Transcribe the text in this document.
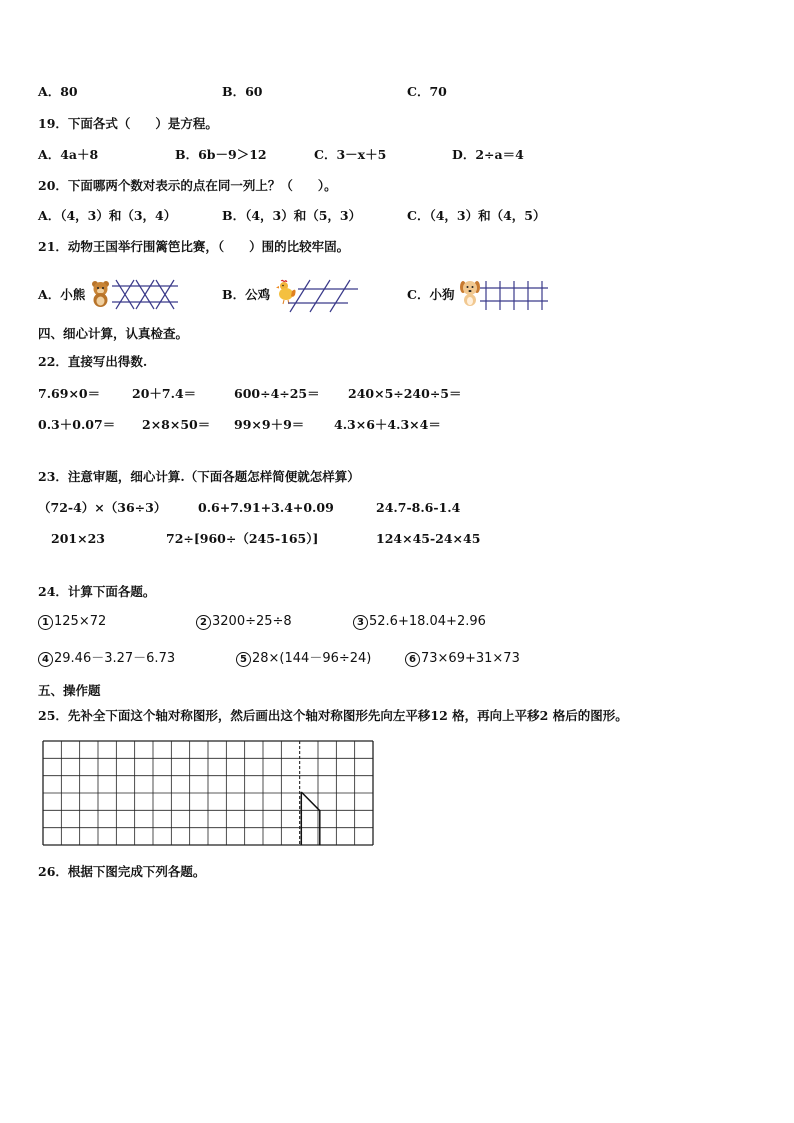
A．80	B．60	C．70
19．下面各式（　　）是方程。
A．4a＋8	B．6b－9＞12	C．3－x＋5	D．2÷a＝4
20．下面哪两个数对表示的点在同一列上？（　　）。
A．（4，3）和（3，4）	B．（4，3）和（5，3）	C．（4，3）和（4，5）
21．动物王国举行围篱笆比赛，（　　）围的比较牢固。
A．小熊	B．公鸡	C．小狗
四、细心计算，认真检查。
22．直接写出得数.
7.69×0＝	20＋7.4＝	600÷4÷25＝ 240×5÷240÷5＝
0.3＋0.07＝ 2×8×50＝ 99×9＋9＝ 4.3×6＋4.3×4＝
23．注意审题，细心计算.（下面各题怎样简便就怎样算）
（72-4）×（36÷3）	0.6+7.91+3.4+0.09	24.7-8.6-1.4
201×23	72÷[960÷（245-165）]	124×45-24×45
24．计算下面各题。
1 125×72	2 3200÷25÷8	3 52.6+18.04+2.96
4 29.46－3.27－6.73	5 28×(144－96÷24)	6 73×69+31×73
五、操作题
25．先补全下面这个轴对称图形，然后画出这个轴对称图形先向左平移12 格，再向上平移2 格后的图形。
26．根据下图完成下列各题。
